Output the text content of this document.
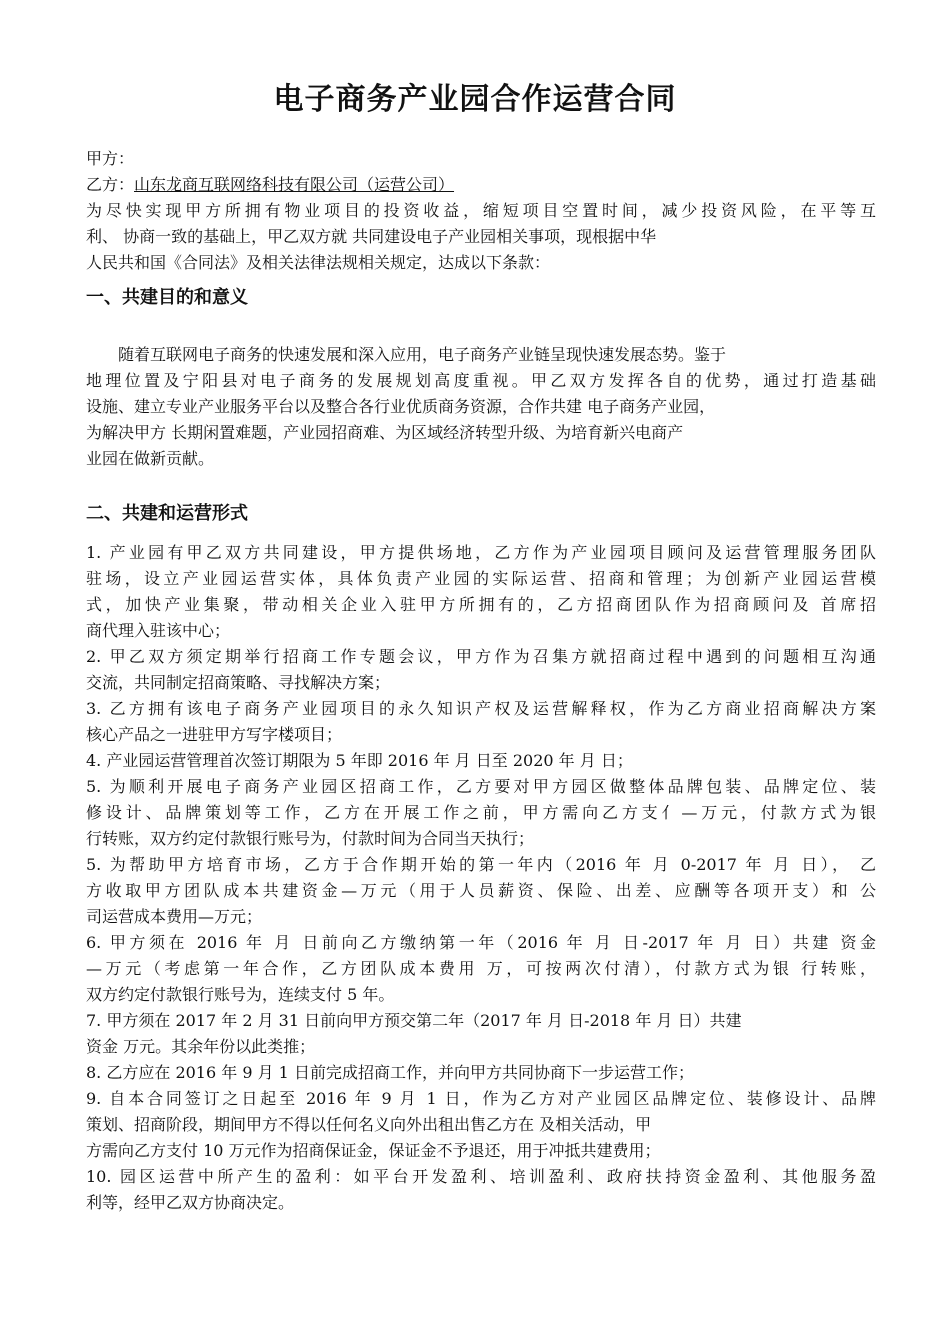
电子商务产业园合作运营合同
甲方：
乙方：山东龙商互联网络科技有限公司（运营公司）
为尽快实现甲方所拥有物业项目的投资收益，缩短项目空置时间，减少投资风险，在平等互
利、 协商一致的基础上，甲乙双方就 共同建设电子产业园相关事项，现根据中华
人民共和国《合同法》及相关法律法规相关规定，达成以下条款：
一、共建目的和意义
随着互联网电子商务的快速发展和深入应用，电子商务产业链呈现快速发展态势。鉴于
地理位置及宁阳县对电子商务的发展规划高度重视。甲乙双方发挥各自的优势，通过打造基础
设施、建立专业产业服务平台以及整合各行业优质商务资源，合作共建 电子商务产业园，
为解决甲方 长期闲置难题，产业园招商难、为区域经济转型升级、为培育新兴电商产
业园在做新贡献。
二、共建和运营形式
1. 产业园有甲乙双方共同建设，甲方提供场地，乙方作为产业园项目顾问及运营管理服务团队
驻场，设立产业园运营实体，具体负责产业园的实际运营、招商和管理；为创新产业园运营模
式，加快产业集聚，带动相关企业入驻甲方所拥有的，乙方招商团队作为招商顾问及 首席招
商代理入驻该中心；
2. 甲乙双方须定期举行招商工作专题会议，甲方作为召集方就招商过程中遇到的问题相互沟通
交流，共同制定招商策略、寻找解决方案；
3. 乙方拥有该电子商务产业园项目的永久知识产权及运营解释权，作为乙方商业招商解决方案
核心产品之一进驻甲方写字楼项目；
4. 产业园运营管理首次签订期限为 5 年即 2016 年 月 日至 2020 年 月 日；
5. 为顺利开展电子商务产业园区招商工作，乙方要对甲方园区做整体品牌包装、品牌定位、装
修设计、品牌策划等工作，乙方在开展工作之前，甲方需向乙方支亻—万元，付款方式为银
行转账，双方约定付款银行账号为，付款时间为合同当天执行；
5. 为帮助甲方培育市场，乙方于合作期开始的第一年内（2016 年 月 0-2017 年 月 日）， 乙
方收取甲方团队成本共建资金—万元（用于人员薪资、保险、出差、应酬等各项开支）和 公
司运营成本费用—万元；
6. 甲方须在 2016 年 月 日前向乙方缴纳第一年（2016 年 月 日-2017 年 月 日）共建 资金
—万元（考虑第一年合作，乙方团队成本费用 万，可按两次付清），付款方式为银 行转账，
双方约定付款银行账号为，连续支付 5 年。
7. 甲方须在 2017 年 2 月 31 日前向甲方预交第二年（2017 年 月 日-2018 年 月 日）共建
资金 万元。其余年份以此类推；
8. 乙方应在 2016 年 9 月 1 日前完成招商工作，并向甲方共同协商下一步运营工作；
9. 自本合同签订之日起至 2016 年 9 月 1 日，作为乙方对产业园区品牌定位、装修设计、品牌
策划、招商阶段，期间甲方不得以任何名义向外出租出售乙方在 及相关活动，甲
方需向乙方支付 10 万元作为招商保证金，保证金不予退还，用于冲抵共建费用；
10. 园区运营中所产生的盈利：如平台开发盈利、培训盈利、政府扶持资金盈利、其他服务盈
利等，经甲乙双方协商决定。
